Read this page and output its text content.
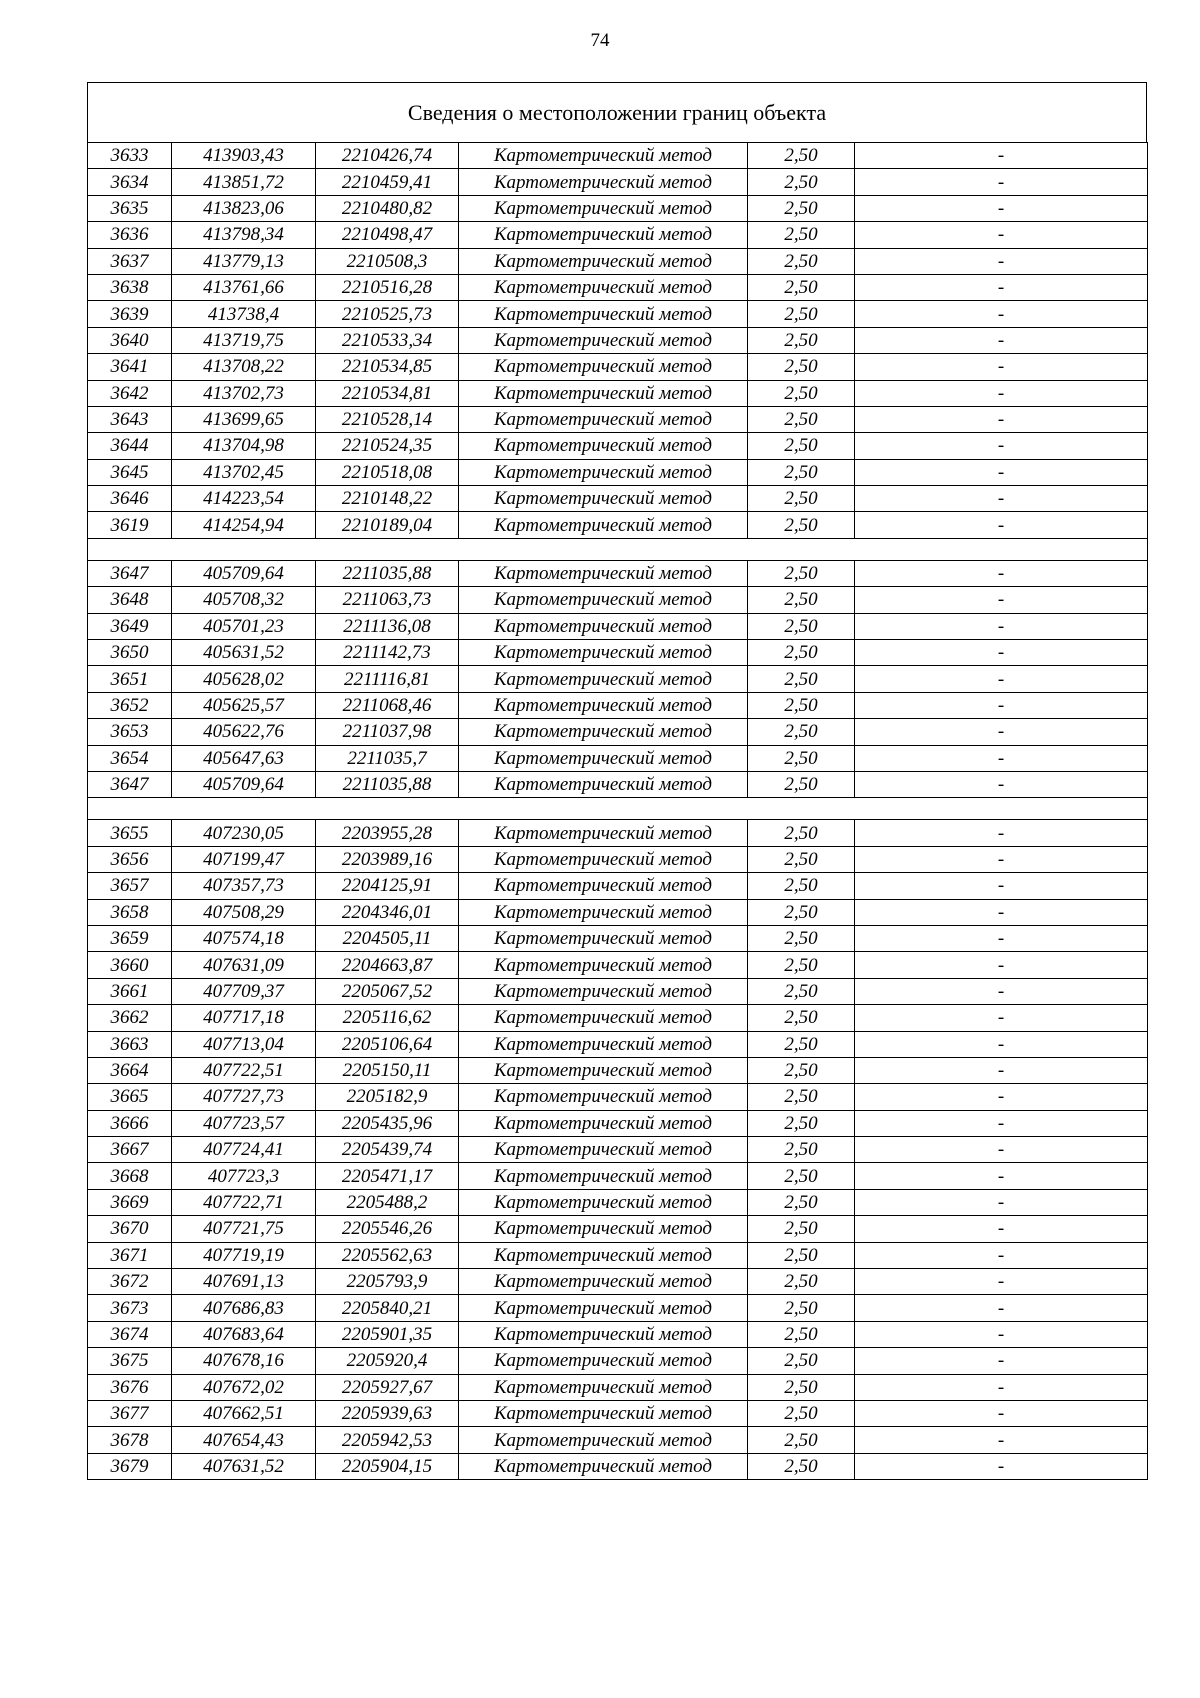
74
Сведения о местоположении границ объекта
3633	413903,43	2210426,74	Картометрический метод	2,50	-
3634	413851,72	2210459,41	Картометрический метод	2,50	-
3635	413823,06	2210480,82	Картометрический метод	2,50	-
3636	413798,34	2210498,47	Картометрический метод	2,50	-
3637	413779,13	2210508,3	Картометрический метод	2,50	-
3638	413761,66	2210516,28	Картометрический метод	2,50	-
3639	413738,4	2210525,73	Картометрический метод	2,50	-
3640	413719,75	2210533,34	Картометрический метод	2,50	-
3641	413708,22	2210534,85	Картометрический метод	2,50	-
3642	413702,73	2210534,81	Картометрический метод	2,50	-
3643	413699,65	2210528,14	Картометрический метод	2,50	-
3644	413704,98	2210524,35	Картометрический метод	2,50	-
3645	413702,45	2210518,08	Картометрический метод	2,50	-
3646	414223,54	2210148,22	Картометрический метод	2,50	-
3619	414254,94	2210189,04	Картометрический метод	2,50	-

3647	405709,64	2211035,88	Картометрический метод	2,50	-
3648	405708,32	2211063,73	Картометрический метод	2,50	-
3649	405701,23	2211136,08	Картометрический метод	2,50	-
3650	405631,52	2211142,73	Картометрический метод	2,50	-
3651	405628,02	2211116,81	Картометрический метод	2,50	-
3652	405625,57	2211068,46	Картометрический метод	2,50	-
3653	405622,76	2211037,98	Картометрический метод	2,50	-
3654	405647,63	2211035,7	Картометрический метод	2,50	-
3647	405709,64	2211035,88	Картометрический метод	2,50	-

3655	407230,05	2203955,28	Картометрический метод	2,50	-
3656	407199,47	2203989,16	Картометрический метод	2,50	-
3657	407357,73	2204125,91	Картометрический метод	2,50	-
3658	407508,29	2204346,01	Картометрический метод	2,50	-
3659	407574,18	2204505,11	Картометрический метод	2,50	-
3660	407631,09	2204663,87	Картометрический метод	2,50	-
3661	407709,37	2205067,52	Картометрический метод	2,50	-
3662	407717,18	2205116,62	Картометрический метод	2,50	-
3663	407713,04	2205106,64	Картометрический метод	2,50	-
3664	407722,51	2205150,11	Картометрический метод	2,50	-
3665	407727,73	2205182,9	Картометрический метод	2,50	-
3666	407723,57	2205435,96	Картометрический метод	2,50	-
3667	407724,41	2205439,74	Картометрический метод	2,50	-
3668	407723,3	2205471,17	Картометрический метод	2,50	-
3669	407722,71	2205488,2	Картометрический метод	2,50	-
3670	407721,75	2205546,26	Картометрический метод	2,50	-
3671	407719,19	2205562,63	Картометрический метод	2,50	-
3672	407691,13	2205793,9	Картометрический метод	2,50	-
3673	407686,83	2205840,21	Картометрический метод	2,50	-
3674	407683,64	2205901,35	Картометрический метод	2,50	-
3675	407678,16	2205920,4	Картометрический метод	2,50	-
3676	407672,02	2205927,67	Картометрический метод	2,50	-
3677	407662,51	2205939,63	Картометрический метод	2,50	-
3678	407654,43	2205942,53	Картометрический метод	2,50	-
3679	407631,52	2205904,15	Картометрический метод	2,50	-
